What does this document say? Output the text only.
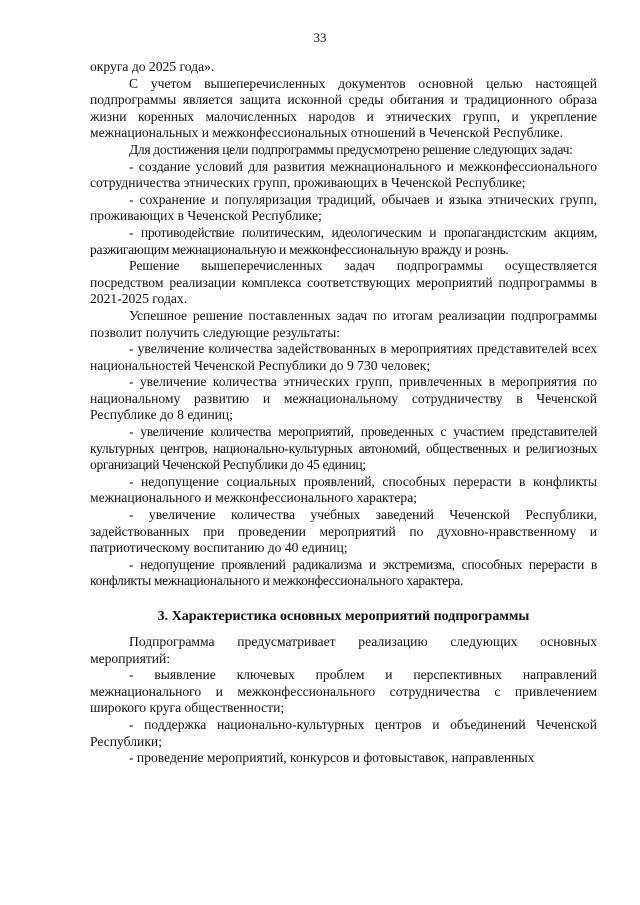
33

округа до 2025 года».

С учетом вышеперечисленных документов основной целью настоящей подпрограммы является защита исконной среды обитания и традиционного образа жизни коренных малочисленных народов и этнических групп, и укрепление межнациональных и межконфессиональных отношений в Чеченской Республике.

Для достижения цели подпрограммы предусмотрено решение следующих задач:

- создание условий для развития межнационального и межконфессионального сотрудничества этнических групп, проживающих в Чеченской Республике;

- сохранение и популяризация традиций, обычаев и языка этнических групп, проживающих в Чеченской Республике;

- противодействие политическим, идеологическим и пропагандистским акциям, разжигающим межнациональную и межконфессиональную вражду и рознь.

Решение вышеперечисленных задач подпрограммы осуществляется посредством реализации комплекса соответствующих мероприятий подпрограммы в 2021-2025 годах.

Успешное решение поставленных задач по итогам реализации подпрограммы позволит получить следующие результаты:

- увеличение количества задействованных в мероприятиях представителей всех национальностей Чеченской Республики до 9 730 человек;

- увеличение количества этнических групп, привлеченных в мероприятия по национальному развитию и межнациональному сотрудничеству в Чеченской Республике до 8 единиц;

- увеличение количества мероприятий, проведенных с участием представителей культурных центров, национально-культурных автономий, общественных и религиозных организаций Чеченской Республики до 45 единиц;

- недопущение социальных проявлений, способных перерасти в конфликты межнационального и межконфессионального характера;

- увеличение количества учебных заведений Чеченской Республики, задействованных при проведении мероприятий по духовно-нравственному и патриотическому воспитанию до 40 единиц;

- недопущение проявлений радикализма и экстремизма, способных перерасти в конфликты межнационального и межконфессионального характера.

3. Характеристика основных мероприятий подпрограммы

Подпрограмма предусматривает реализацию следующих основных мероприятий:

- выявление ключевых проблем и перспективных направлений межнационального и межконфессионального сотрудничества с привлечением широкого круга общественности;

- поддержка национально-культурных центров и объединений Чеченской Республики;

- проведение мероприятий, конкурсов и фотовыставок, направленных
